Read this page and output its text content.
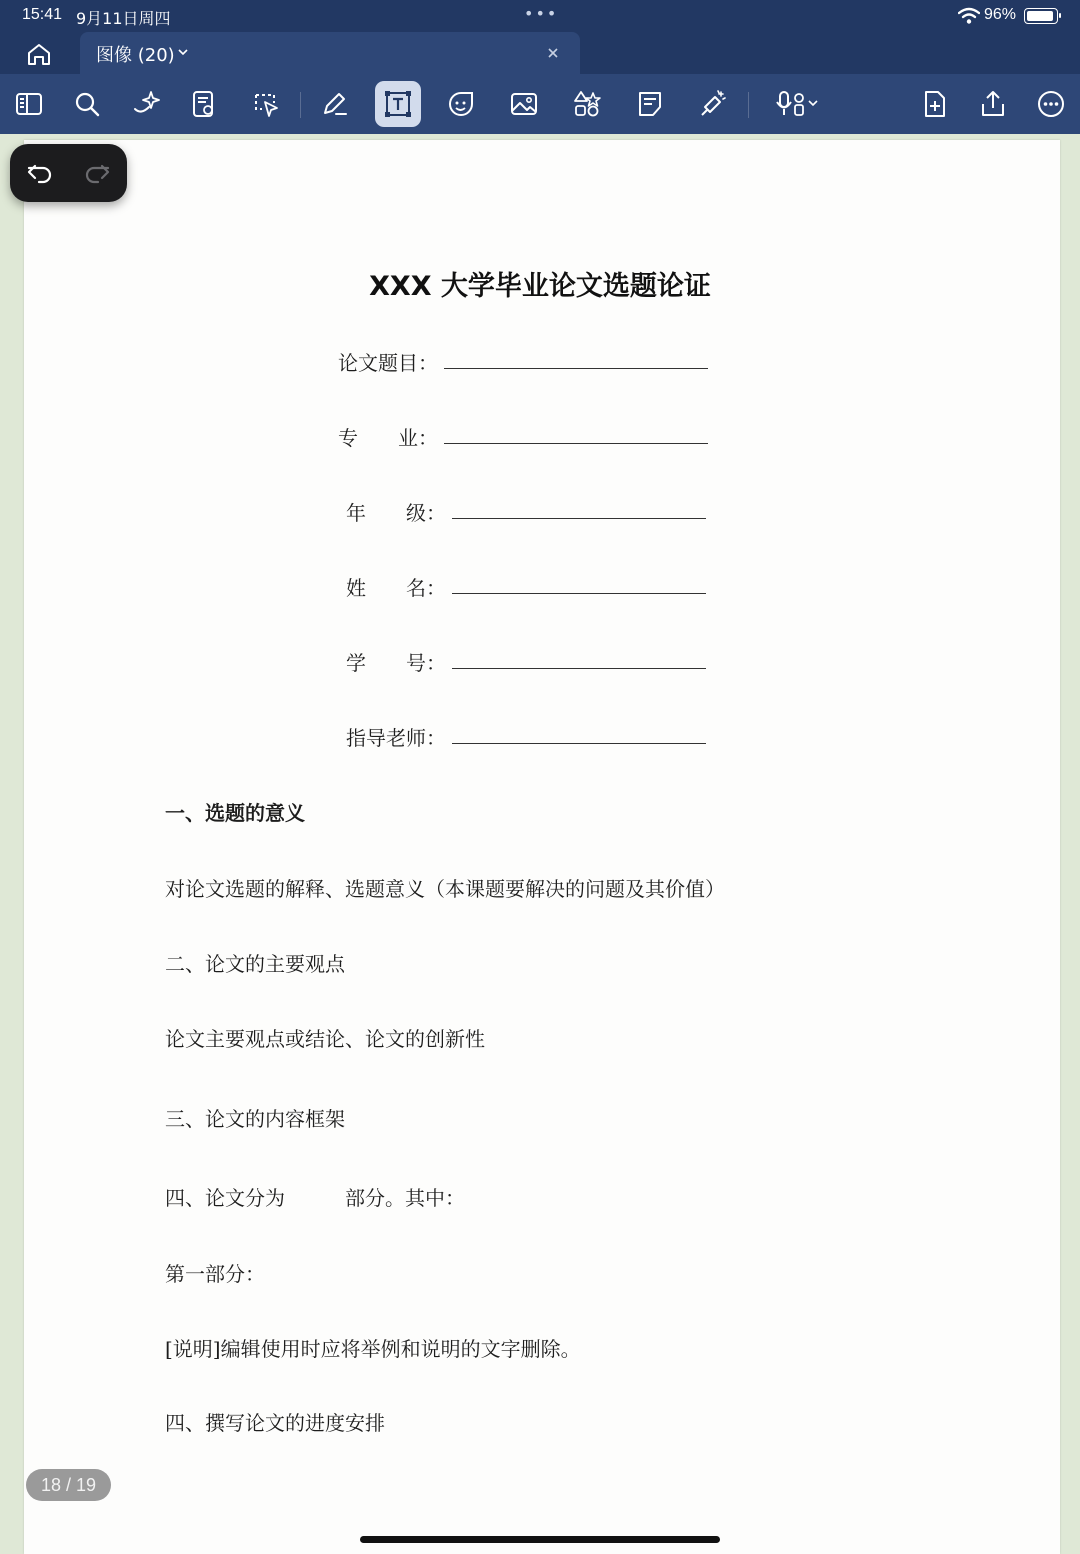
15:41 9月11日周四	•••	96%
图像 (20)
XXX 大学毕业论文选题论证
论文题目：
专　　业：
年　　级：
姓　　名：
学　　号：
指导老师：
一、选题的意义
对论文选题的解释、选题意义（本课题要解决的问题及其价值）
二、论文的主要观点
论文主要观点或结论、论文的创新性
三、论文的内容框架
四、论文分为　　　部分。其中：
第一部分：
[说明]编辑使用时应将举例和说明的文字删除。
四、撰写论文的进度安排
18 / 19
